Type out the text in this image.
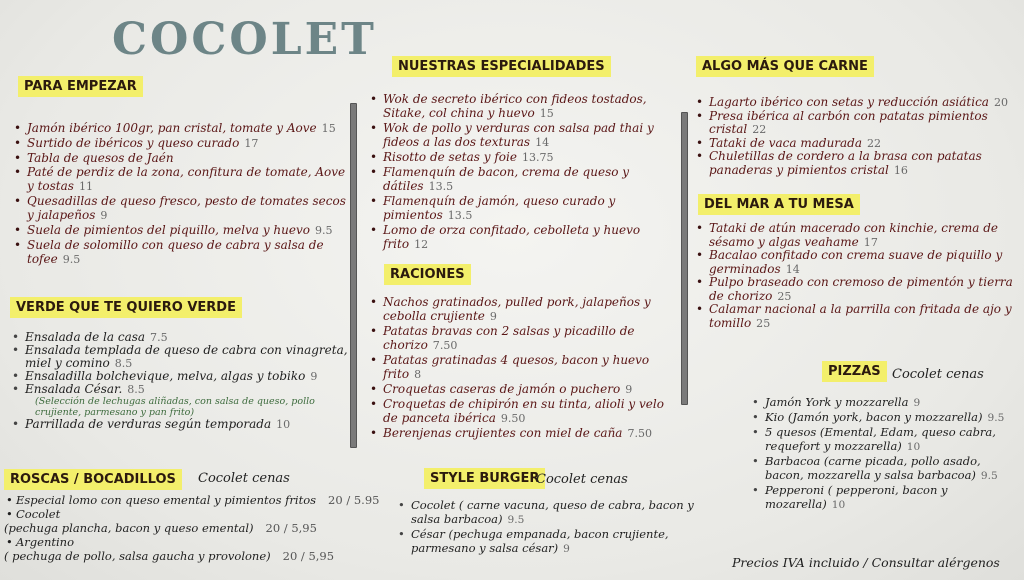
COCOLET
PARA EMPEZAR
• Jamón ibérico 100gr, pan cristal, tomate y Aove 15
• Surtido de ibéricos y queso curado 17
• Tabla de quesos de Jaén
• Paté de perdiz de la zona, confitura de tomate, Aove y tostas 11
• Quesadillas de queso fresco, pesto de tomates secos y jalapeños 9
• Suela de pimientos del piquillo, melva y huevo 9.5
• Suela de solomillo con queso de cabra y salsa de tofee 9.5
VERDE QUE TE QUIERO VERDE
• Ensalada de la casa 7.5
• Ensalada templada de queso de cabra con vinagreta, miel y comino 8.5
• Ensaladilla bolchevique, melva, algas y tobiko 9
• Ensalada César. 8.5
(Selección de lechugas aliñadas, con salsa de queso, pollo crujiente, parmesano y pan frito)
• Parrillada de verduras según temporada 10
ROSCAS / BOCADILLOS	Cocolet cenas
• Especial lomo con queso emental y pimientos fritos 20 / 5.95
• Cocolet
(pechuga plancha, bacon y queso emental) 20 / 5,95
• Argentino
( pechuga de pollo, salsa gaucha y provolone) 20 / 5,95
NUESTRAS ESPECIALIDADES
• Wok de secreto ibérico con fideos tostados, Sitake, col china y huevo 15
• Wok de pollo y verduras con salsa pad thai y fideos a las dos texturas 14
• Risotto de setas y foie 13.75
• Flamenquín de bacon, crema de queso y dátiles 13.5
• Flamenquín de jamón, queso curado y pimientos 13.5
• Lomo de orza confitado, cebolleta y huevo frito 12
RACIONES
• Nachos gratinados, pulled pork, jalapeños y cebolla crujiente 9
• Patatas bravas con 2 salsas y picadillo de chorizo 7.50
• Patatas gratinadas 4 quesos, bacon y huevo frito 8
• Croquetas caseras de jamón o puchero 9
• Croquetas de chipirón en su tinta, alioli y velo de panceta ibérica 9.50
• Berenjenas crujientes con miel de caña 7.50
STYLE BURGER
Cocolet cenas
• Cocolet ( carne vacuna, queso de cabra, bacon y salsa barbacoa) 9.5
• César (pechuga empanada, bacon crujiente, parmesano y salsa césar) 9
ALGO MÁS QUE CARNE
• Lagarto ibérico con setas y reducción asiática 20
• Presa ibérica al carbón con patatas pimientos cristal 22
• Tataki de vaca madurada 22
• Chuletillas de cordero a la brasa con patatas panaderas y pimientos cristal 16
DEL MAR A TU MESA
• Tataki de atún macerado con kinchie, crema de sésamo y algas veahame 17
• Bacalao confitado con crema suave de piquillo y germinados 14
• Pulpo braseado con cremoso de pimentón y tierra de chorizo 25
• Calamar nacional a la parrilla con fritada de ajo y tomillo 25
PIZZAS Cocolet cenas
• Jamón York y mozzarella 9
• Kio (Jamón york, bacon y mozzarella) 9.5
• 5 quesos (Emental, Edam, queso cabra, requefort y mozzarella) 10
• Barbacoa (carne picada, pollo asado, bacon, mozzarella y salsa barbacoa) 9.5
• Pepperoni ( pepperoni, bacon y mozarella) 10
Precios IVA incluido / Consultar alérgenos
